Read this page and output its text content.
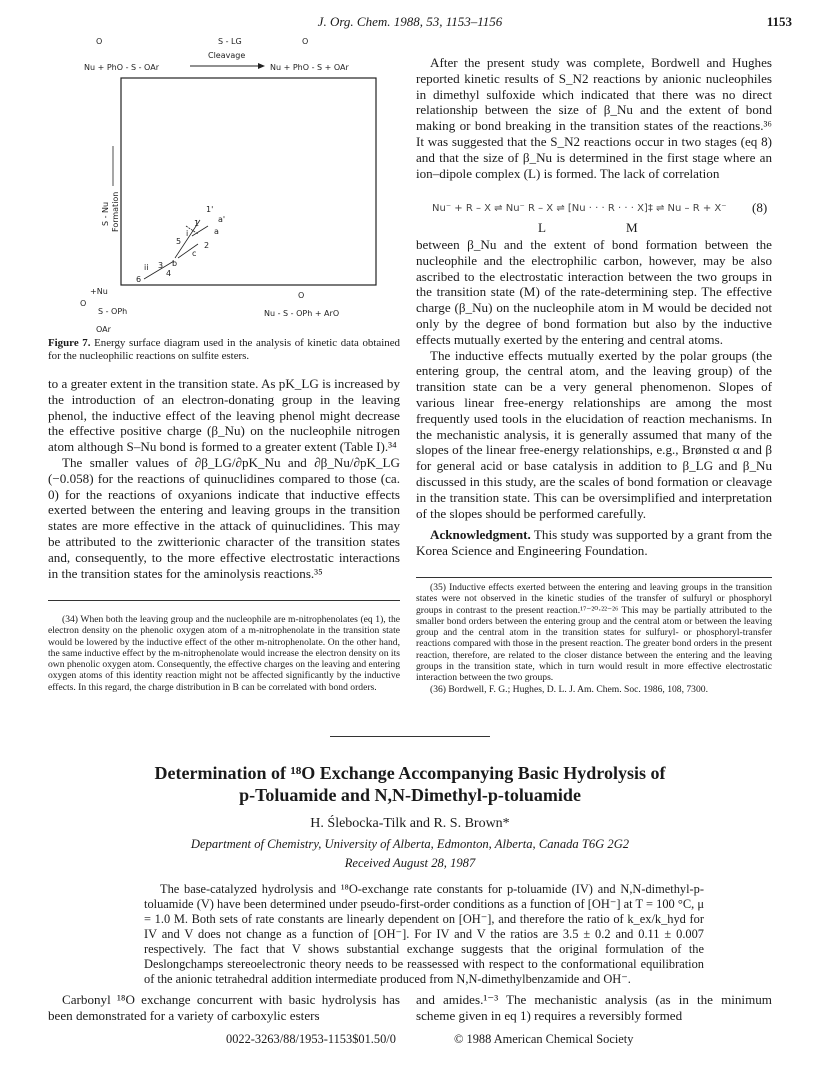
J. Org. Chem. 1988, 53, 1153–1156	1153
O
Nu + PhO - S - OAr
S - LG
Cleavage
O
Nu + PhO - S + OAr
S - Nu Formation	1'
1 a'
a
i
5	2
c
ii 3 b
4
6
+Nu
O
S - OPh
OAr
O
Nu - S - OPh + ArO
Figure 7. Energy surface diagram used in the analysis of kinetic data obtained for the nucleophilic reactions on sulfite esters.

to a greater extent in the transition state. As pK_LG is increased by the introduction of an electron-donating group in the leaving phenol, the inductive effect of the leaving phenol might decrease the effective positive charge (β_Nu) on the nucleophile nitrogen atom although S–Nu bond is formed to a greater extent (Table I).³⁴

The smaller values of ∂β_LG/∂pK_Nu and ∂β_Nu/∂pK_LG (−0.058) for the reactions of quinuclidines compared to those (ca. 0) for the reactions of oxyanions indicate that inductive effects exerted between the entering and leaving groups in the transition states are more effective in the attack of quinuclidines. This may be attributed to the zwitterionic character of the transition states and, consequently, to the more effective electrostatic interactions in the transition states for the aminolysis reactions.³⁵

After the present study was complete, Bordwell and Hughes reported kinetic results of S_N2 reactions by anionic nucleophiles in dimethyl sulfoxide which indicated that there was no direct relationship between the size of β_Nu and the extent of bond making or bond breaking in the transition states of the reactions.³⁶ It was suggested that the S_N2 reactions occur in two stages (eq 8) and that the size of β_Nu is determined in the first stage where an ion–dipole complex (L) is formed. The lack of correlation

Nu⁻ + R – X ⇌ Nu⁻ R – X ⇌ [Nu · · · R · · · X]‡ ⇌ Nu – R + X⁻	(8)
L	M

between β_Nu and the extent of bond formation between the nucleophile and the electrophilic carbon, however, may be also ascribed to the electrostatic interaction between the two groups in the transition state (M) of the rate-determining step. The effective charge (β_Nu) on the nucleophile atom in M would be decided not only by the degree of bond formation but also by the inductive effects mutually exerted by the entering and central atoms.

The inductive effects mutually exerted by the polar groups (the entering group, the central atom, and the leaving group) of the transition state can be a very general phenomenon. Slopes of various linear free-energy relationships are among the most frequently used tools in the elucidation of reaction mechanisms. In the mechanistic analysis, it is generally assumed that many of the slopes of the linear free-energy relationships, e.g., Brønsted α and β for general acid or base catalysis in addition to β_LG and β_Nu discussed in this study, are the scales of bond formation or cleavage in the transition state. This can be oversimplified and interpretation of the slopes should be performed carefully.

Acknowledgment. This study was supported by a grant from the Korea Science and Engineering Foundation.

(34) When both the leaving group and the nucleophile are m-nitrophenolates (eq 1), the electron density on the phenolic oxygen atom of a m-nitrophenolate in the transition state would be lowered by the inductive effect of the other m-nitrophenolate. On the other hand, the same inductive effect by the m-nitrophenolate would increase the electron density on its own phenolic oxygen atom. Consequently, the effective charges on the leaving and entering oxygen atoms of this identity reaction might not be affected significantly by the inductive effects. In this regard, the charge distribution in B can be correlated with bond orders.

(35) Inductive effects exerted between the entering and leaving groups in the transition states were not observed in the kinetic studies of the transfer of sulfuryl or phosphoryl groups in contrast to the present reaction.¹⁷⁻²⁰·²²⁻²⁶ This may be partially attributed to the smaller bond orders between the entering group and the central atom or between the leaving group and the central atom in the transition states for sulfuryl- or phosphoryl-transfer reactions compared with those in the present reaction. The greater bond orders in the present reaction, therefore, are related to the closer distance between the entering and the leaving groups in the transition state, which in turn would result in more effective electrostatic interaction between the two groups.

(36) Bordwell, F. G.; Hughes, D. L. J. Am. Chem. Soc. 1986, 108, 7300.

Determination of ¹⁸O Exchange Accompanying Basic Hydrolysis of
p-Toluamide and N,N-Dimethyl-p-toluamide
H. Ślebocka-Tilk and R. S. Brown*
Department of Chemistry, University of Alberta, Edmonton, Alberta, Canada T6G 2G2
Received August 28, 1987

The base-catalyzed hydrolysis and ¹⁸O-exchange rate constants for p-toluamide (IV) and N,N-dimethyl-p-toluamide (V) have been determined under pseudo-first-order conditions as a function of [OH⁻] at T = 100 °C, μ = 1.0 M. Both sets of rate constants are linearly dependent on [OH⁻], and therefore the ratio of k_ex/k_hyd for IV and V does not change as a function of [OH⁻]. For IV and V the ratios are 3.5 ± 0.2 and 0.11 ± 0.007 respectively. The fact that V shows substantial exchange suggests that the original formulation of the Deslongchamps stereoelectronic theory needs to be reassessed with respect to the conformational equilibration of the anionic tetrahedral addition intermediate produced from N,N-dimethylbenzamide and OH⁻.

Carbonyl ¹⁸O exchange concurrent with basic hydrolysis has been demonstrated for a variety of carboxylic esters

and amides.¹⁻³ The mechanistic analysis (as in the minimum scheme given in eq 1) requires a reversibly formed

0022-3263/88/1953-1153$01.50/0	© 1988 American Chemical Society
